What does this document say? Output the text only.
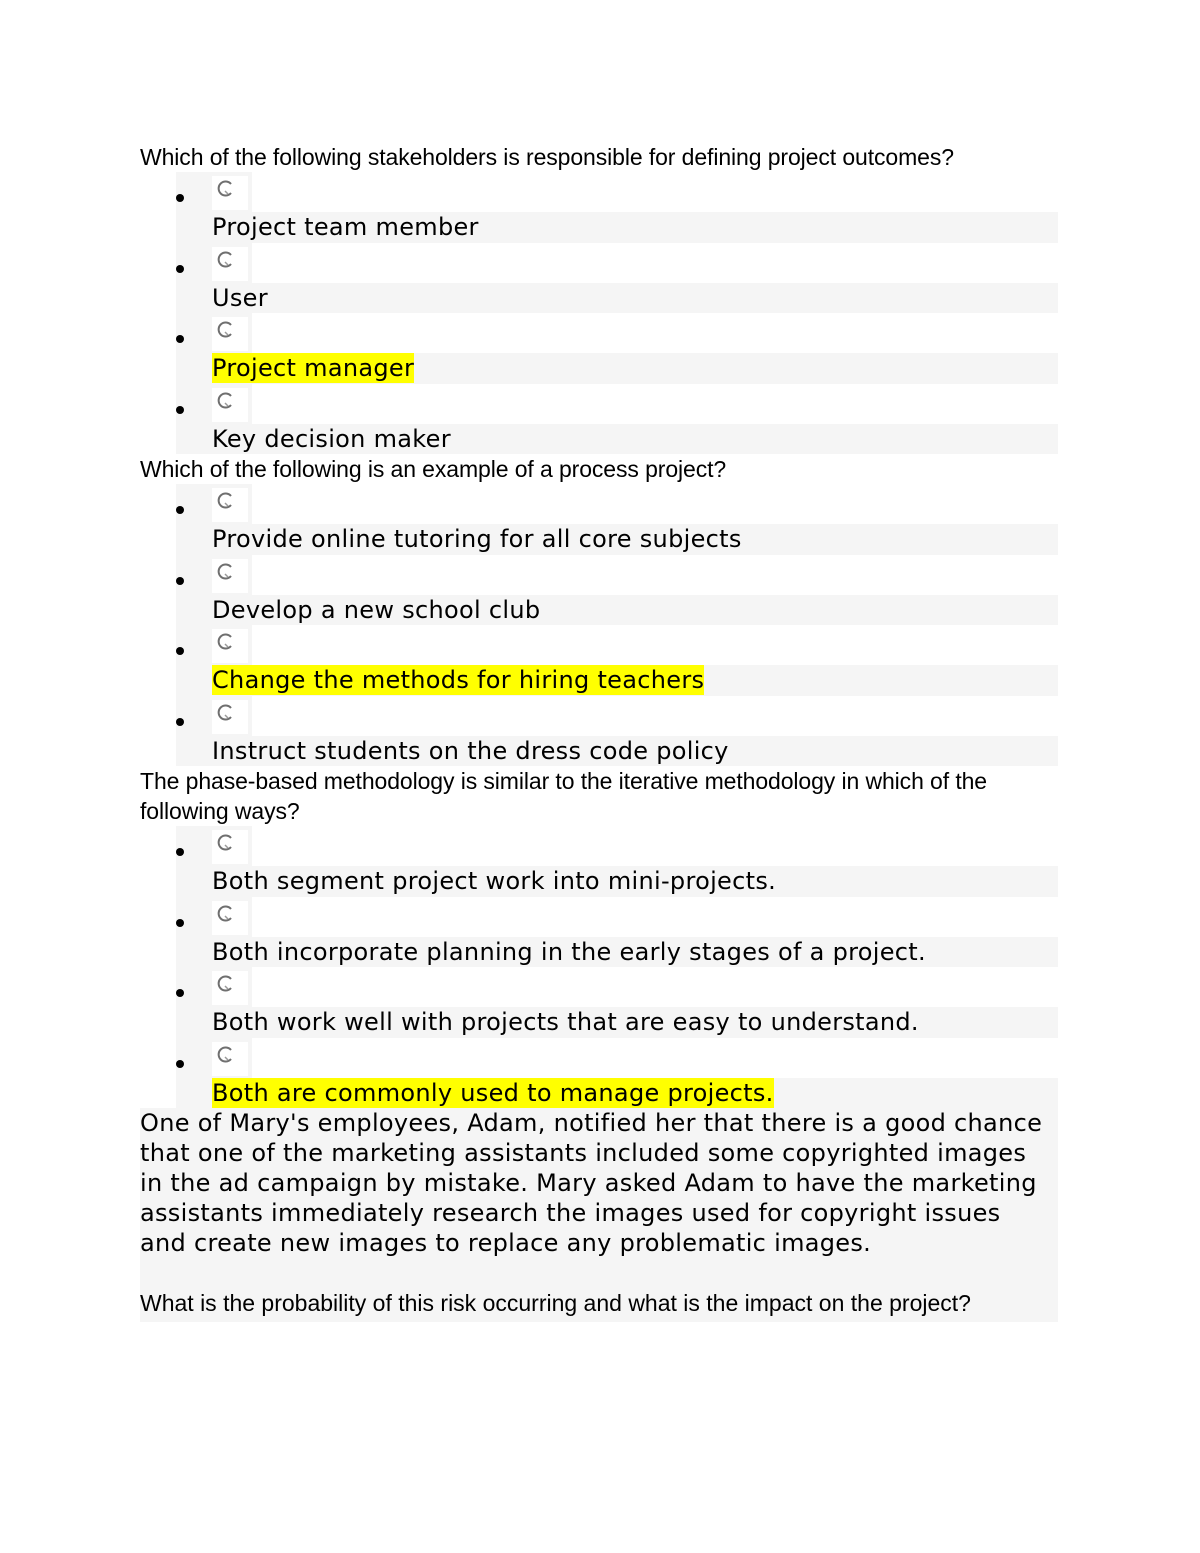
Which of the following stakeholders is responsible for defining project outcomes?

Project team member
User
Project manager
Key decision maker

Which of the following is an example of a process project?

Provide online tutoring for all core subjects
Develop a new school club
Change the methods for hiring teachers
Instruct students on the dress code policy

The phase-based methodology is similar to the iterative methodology in which of the following ways?

Both segment project work into mini-projects.
Both incorporate planning in the early stages of a project.
Both work well with projects that are easy to understand.
Both are commonly used to manage projects.

One of Mary's employees, Adam, notified her that there is a good chance that one of the marketing assistants included some copyrighted images in the ad campaign by mistake. Mary asked Adam to have the marketing assistants immediately research the images used for copyright issues and create new images to replace any problematic images.

What is the probability of this risk occurring and what is the impact on the project?
